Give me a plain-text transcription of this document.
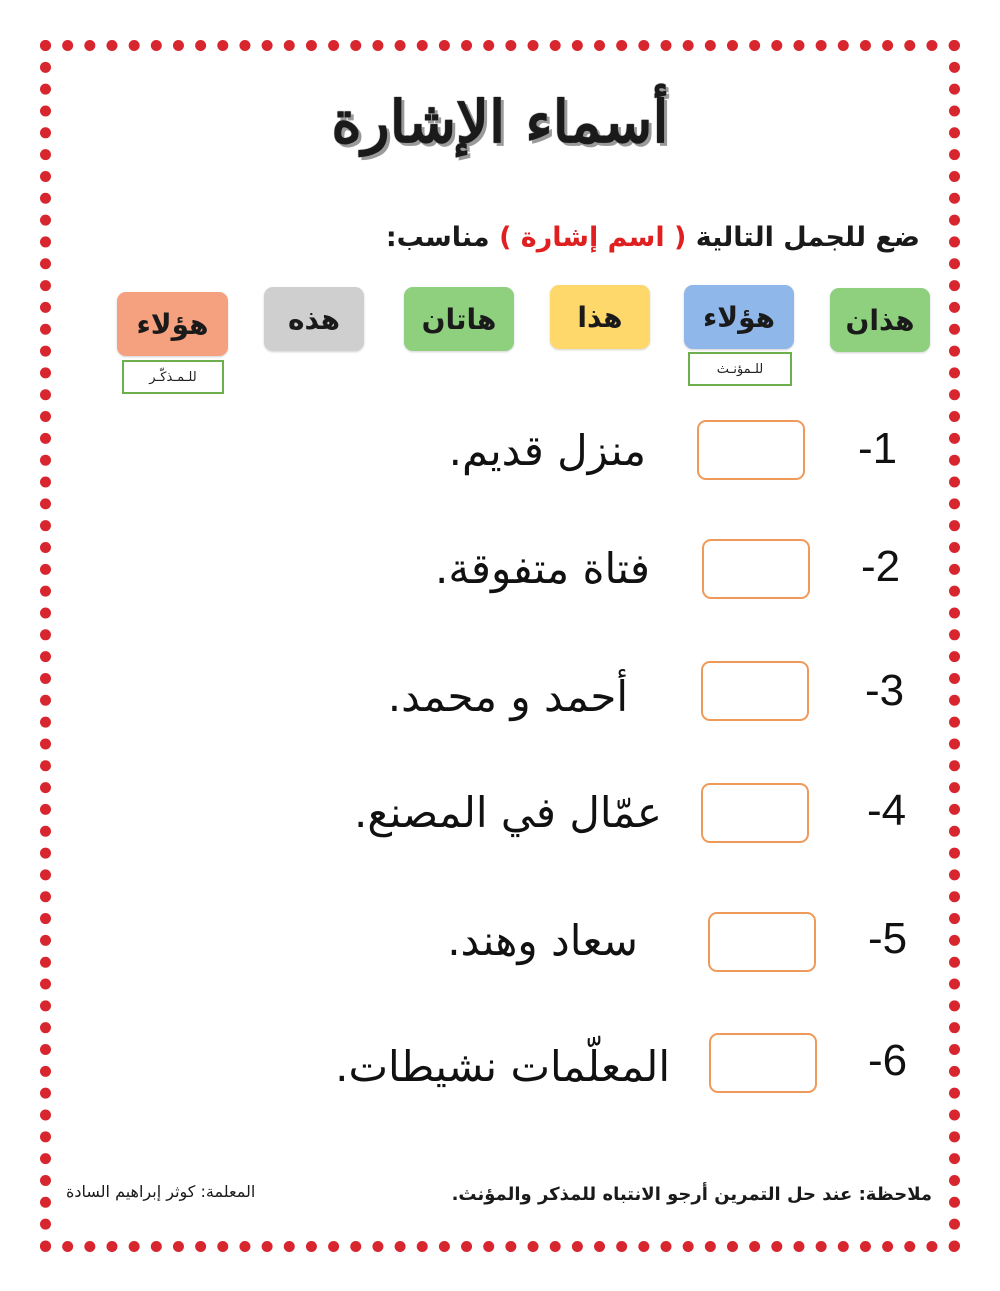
أسماء الإشارة
ضع للجمل التالية ( اسم إشارة ) مناسب:
هذان
هؤلاء
للـمؤنـث
هذا
هاتان
هذه
هؤلاء
للـمـذكّـر
-1
منزل قديم.
-2
فتاة متفوقة.
-3
أحمد و محمد.
-4
عمّال في المصنع.
-5
سعاد وهند.
-6
المعلّمات نشيطات.
ملاحظة: عند حل التمرين أرجو الانتباه للمذكر والمؤنث.
المعلمة: كوثر إبراهيم السادة
